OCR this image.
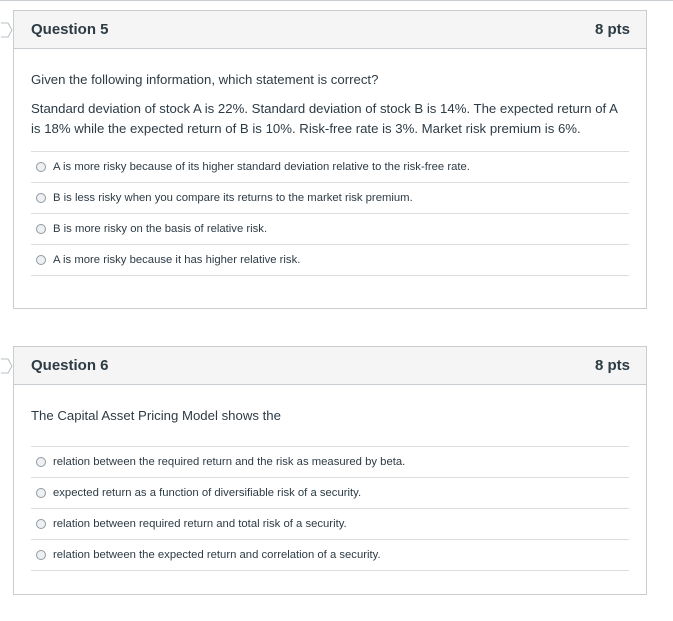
Question 5	8 pts

Given the following information, which statement is correct?

Standard deviation of stock A is 22%. Standard deviation of stock B is 14%. The expected return of A is 18% while the expected return of B is 10%. Risk-free rate is 3%. Market risk premium is 6%.

A is more risky because of its higher standard deviation relative to the risk-free rate.
B is less risky when you compare its returns to the market risk premium.
B is more risky on the basis of relative risk.
A is more risky because it has higher relative risk.
Question 6	8 pts

The Capital Asset Pricing Model shows the

relation between the required return and the risk as measured by beta.
expected return as a function of diversifiable risk of a security.
relation between required return and total risk of a security.
relation between the expected return and correlation of a security.
